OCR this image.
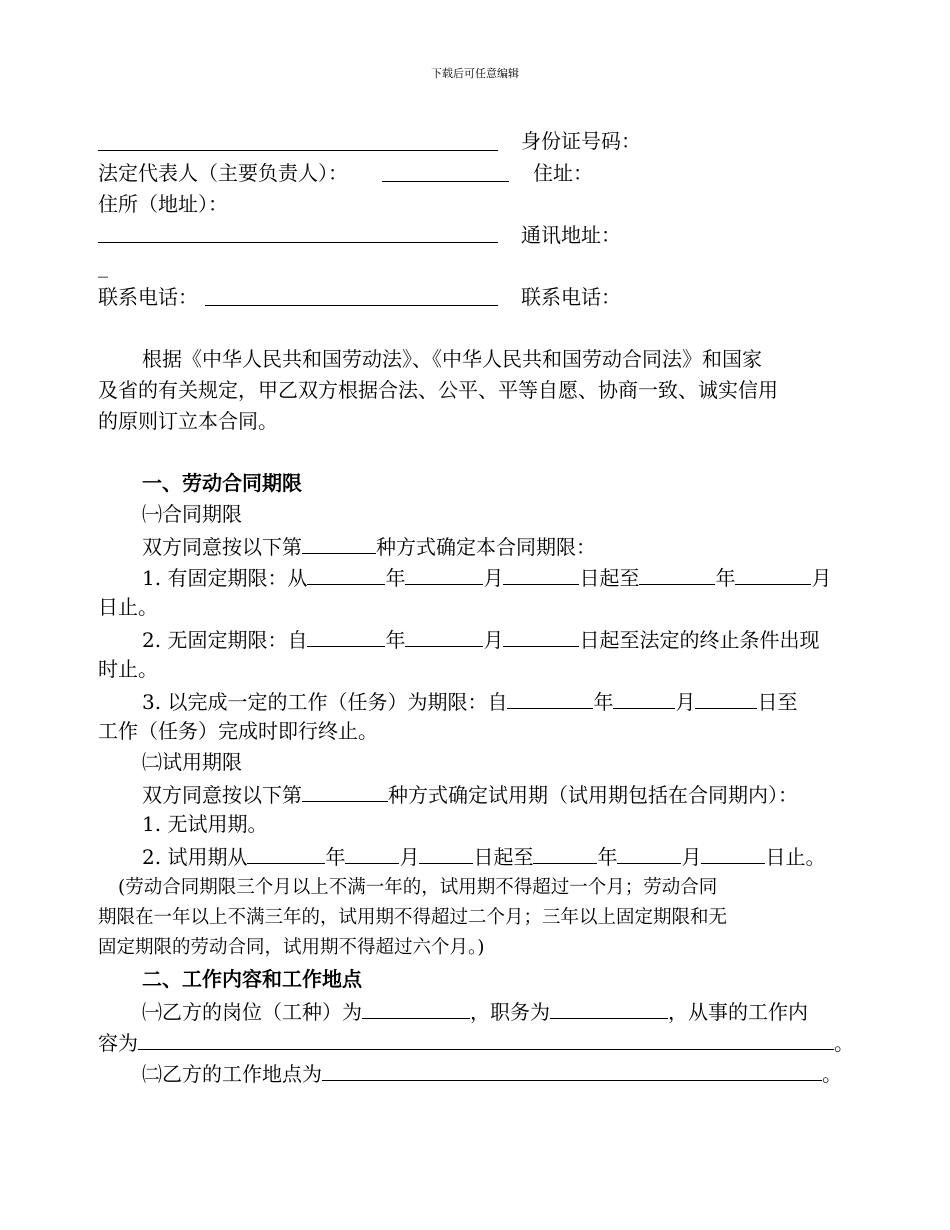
下载后可任意编辑
身份证号码：
法定代表人（主要负责人）：	住址：
住所（地址）：
通讯地址：
_
联系电话：	联系电话：
根据《中华人民共和国劳动法》、《中华人民共和国劳动合同法》和国家
及省的有关规定，甲乙双方根据合法、公平、平等自愿、协商一致、诚实信用
的原则订立本合同。
一、劳动合同期限
㈠合同期限
双方同意按以下第	种方式确定本合同期限：
1. 有固定期限：从	年	月	日起至	年	月
日止。
2. 无固定期限：自	年	月	日起至法定的终止条件出现
时止。
3. 以完成一定的工作（任务）为期限：自	年	月	日至
工作（任务）完成时即行终止。
㈡试用期限
双方同意按以下第	种方式确定试用期（试用期包括在合同期内）：
1. 无试用期。
2. 试用期从	年	月	日起至	年	月	日止。
(劳动合同期限三个月以上不满一年的，试用期不得超过一个月；劳动合同
期限在一年以上不满三年的，试用期不得超过二个月；三年以上固定期限和无
固定期限的劳动合同，试用期不得超过六个月。)
二、工作内容和工作地点
㈠乙方的岗位（工种）为	，职务为	，从事的工作内
容为	。
㈡乙方的工作地点为	。
